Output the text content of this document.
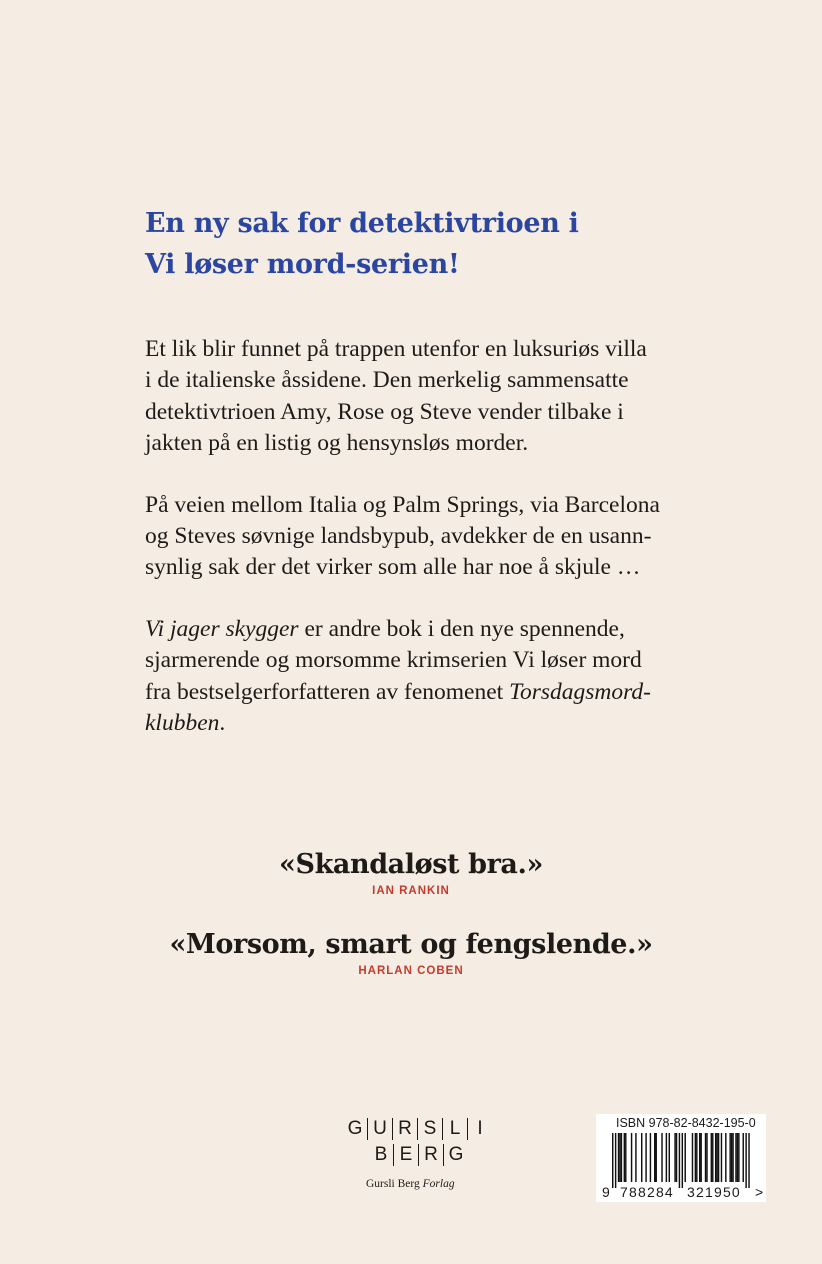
En ny sak for detektivtrioen i
Vi løser mord-serien!

Et lik blir funnet på trappen utenfor en luksuriøs villa
i de italienske åssidene. Den merkelig sammensatte
detektivtrioen Amy, Rose og Steve vender tilbake i
jakten på en listig og hensynsløs morder.

På veien mellom Italia og Palm Springs, via Barcelona
og Steves søvnige landsbypub, avdekker de en usann-
synlig sak der det virker som alle har noe å skjule …

Vi jager skygger er andre bok i den nye spennende,
sjarmerende og morsomme krimserien Vi løser mord
fra bestselgerforfatteren av fenomenet Torsdagsmord-
klubben.

«Skandaløst bra.»
IAN RANKIN
«Morsom, smart og fengslende.»
HARLAN COBEN
G U R S L I
B E R G
Gursli Berg Forlag
ISBN 978-82-8432-195-0
9 788284 321950 >
